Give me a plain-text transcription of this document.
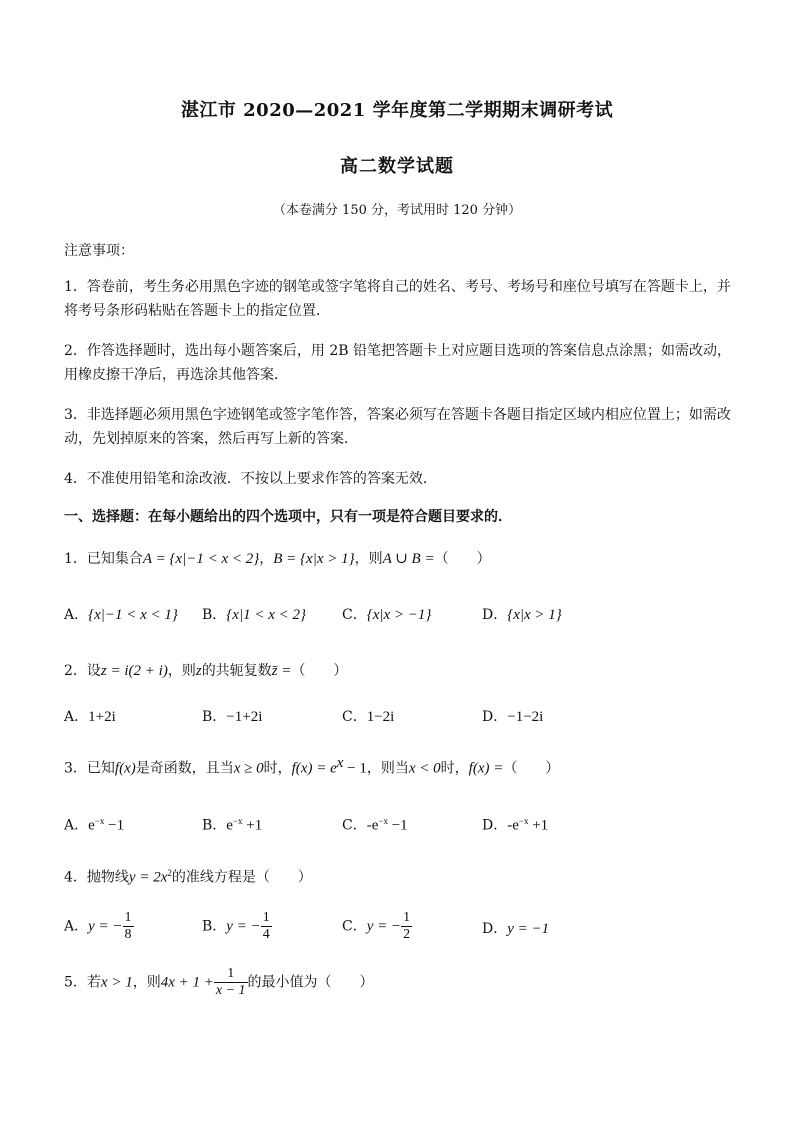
湛江市 2020—2021 学年度第二学期期末调研考试
高二数学试题
（本卷满分 150 分，考试用时 120 分钟）
注意事项：
1．答卷前，考生务必用黑色字迹的钢笔或签字笔将自己的姓名、考号、考场号和座位号填写在答题卡上，并
将考号条形码粘贴在答题卡上的指定位置．
2．作答选择题时，选出每小题答案后，用 2B 铅笔把答题卡上对应题目选项的答案信息点涂黑；如需改动，
用橡皮擦干净后，再选涂其他答案．
3．非选择题必须用黑色字迹钢笔或签字笔作答，答案必须写在答题卡各题目指定区域内相应位置上；如需改
动，先划掉原来的答案，然后再写上新的答案．
4．不准使用铅笔和涂改液．不按以上要求作答的答案无效．
一、选择题：在每小题给出的四个选项中，只有一项是符合题目要求的．
1．已知集合A = {x|−1 < x < 2}，B = {x|x > 1}，则A ∪ B =（　　）
A．{x|−1 < x < 1} B．{x|1 < x < 2}	C．{x|x > −1}	D．{x|x > 1}
2．设z = i(2 + i)，则z的共轭复数z̄ =（　　）
A．1+2i	B．−1+2i	C．1−2i	D．−1−2i
3．已知f(x)是奇函数，且当x ≥ 0时，$f(x) = e^x - 1$，则当x < 0时，f(x) =（　　）
A．$e^{-x} -1$	B．$e^{-x} +1$	C．$-e^{-x} -1$	D．$-e^{-x} +1$
4．抛物线$y = 2x^2$的准线方程是（　　）
A．y = − $\frac{1}{8}$	B．y = − $\frac{1}{4}$	C．y = − $\frac{1}{2}$	D．y = −1
5．若x > 1，则$4x + 1 + \frac{1}{x - 1}$ 的最小值为（　　）
